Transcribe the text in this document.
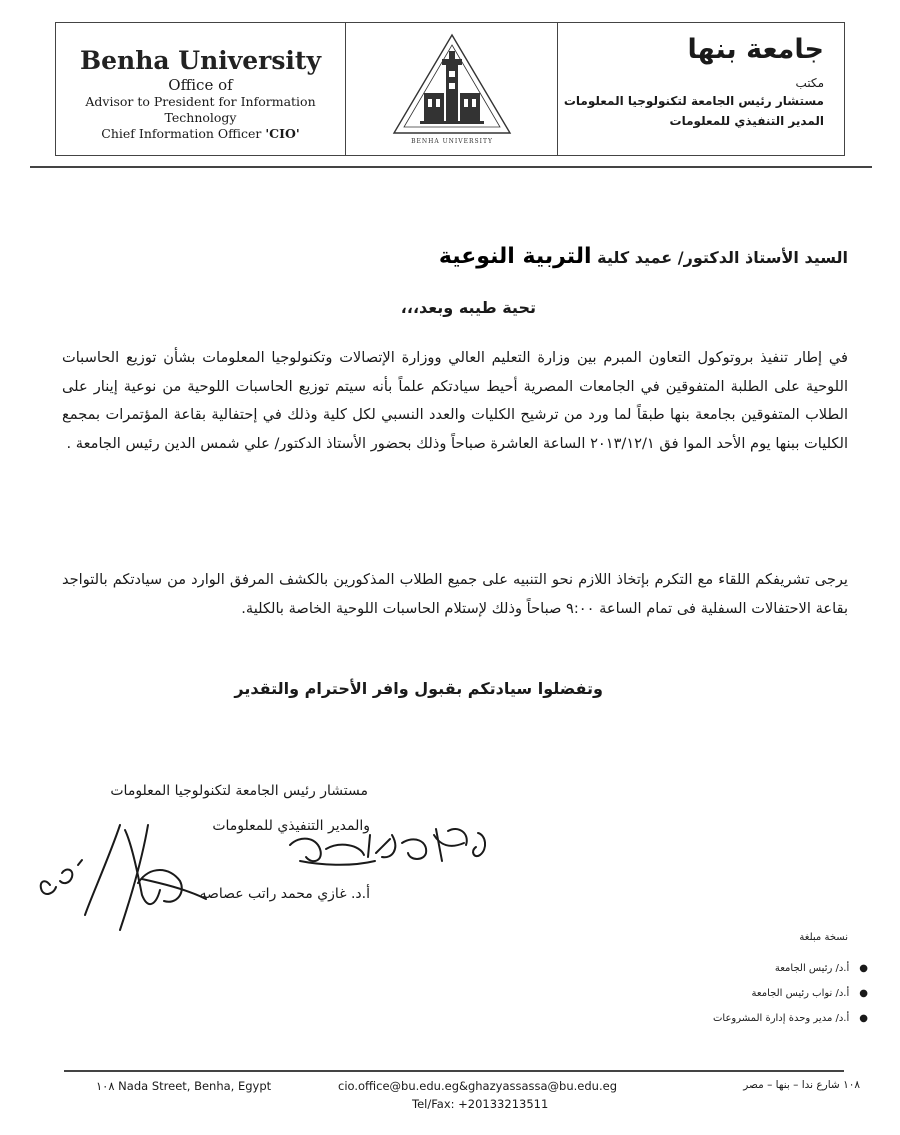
Benha University
Office of
Advisor to President for Information
Technology
Chief Information Officer 'CIO'
BENHA UNIVERSITY
جامعة بنها
مكتب
مستشار رئيس الجامعة لتكنولوجيا المعلومات
المدير التنفيذي للمعلومات
السيد الأستاذ الدكتور/ عميد كلية التربية النوعية
تحية طيبه وبعد،،،
في إطار تنفيذ بروتوكول التعاون المبرم بين وزارة التعليم العالي ووزارة الإتصالات وتكنولوجيا المعلومات بشأن توزيع الحاسبات اللوحية على الطلبة المتفوقين في الجامعات المصرية أحيط سيادتكم علماً بأنه سيتم توزيع الحاسبات اللوحية من نوعية إينار على الطلاب المتفوقين بجامعة بنها طبقاً لما ورد من ترشيح الكليات والعدد النسبي لكل كلية وذلك في إحتفالية بقاعة المؤتمرات بمجمع الكليات ببنها يوم الأحد الموا فق ٢٠١٣/١٢/١ الساعة العاشرة صباحاً وذلك بحضور الأستاذ الدكتور/ علي شمس الدين رئيس الجامعة .
يرجى تشريفكم اللقاء مع التكرم بإتخاذ اللازم نحو التنبيه على جميع الطلاب المذكورين بالكشف المرفق الوارد من سيادتكم بالتواجد بقاعة الاحتفالات السفلية فى تمام الساعة ٩:٠٠ صباحاً وذلك لإستلام الحاسبات اللوحية الخاصة بالكلية.
وتفضلوا سيادتكم بقبول وافر الأحترام والتقدير
مستشار رئيس الجامعة لتكنولوجيا المعلومات
والمدير التنفيذي للمعلومات
أ.د. غازي محمد راتب عصاصه
نسخة مبلغة
●
أ.د/ رئيس الجامعة
●
أ.د/ نواب رئيس الجامعة
●
أ.د/ مدير وحدة إدارة المشروعات
١٠٨ Nada Street, Benha, Egypt	cio.office@bu.edu.eg&ghazyassassa@bu.edu.eg
Tel/Fax: +20133213511
١٠٨ شارع ندا – بنها – مصر
